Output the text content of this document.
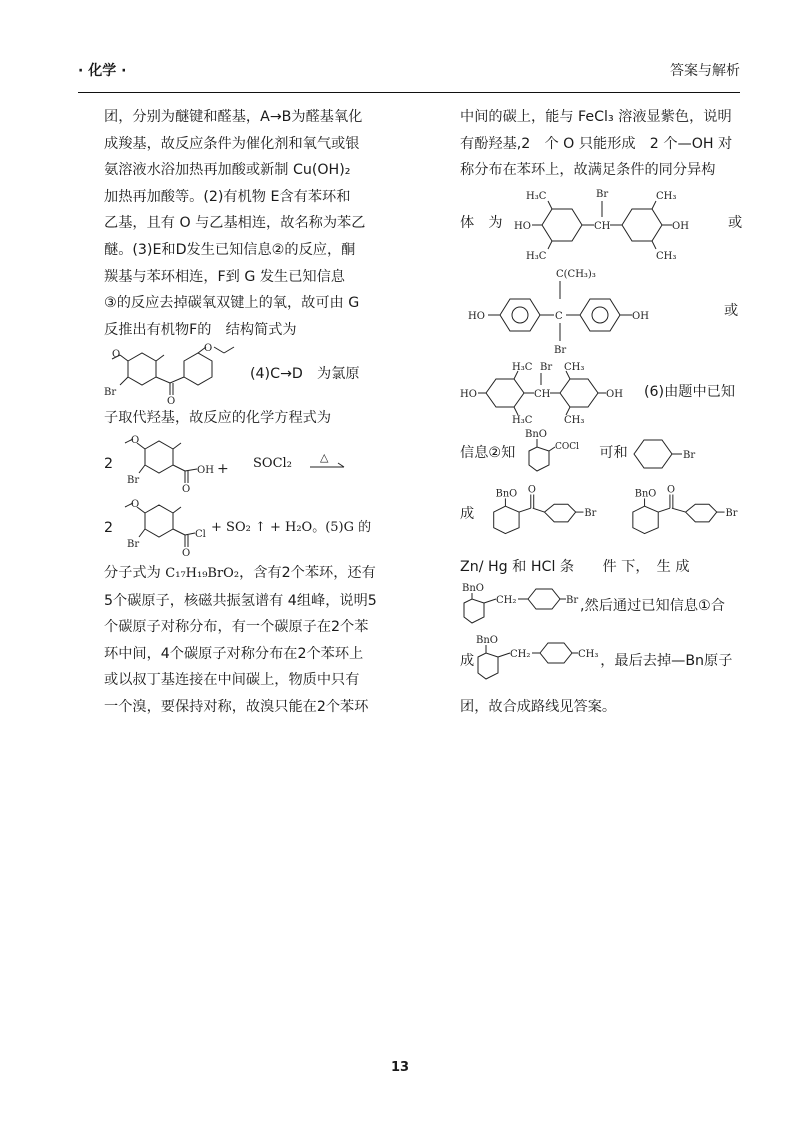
· 化学 ·	答案与解析

团，分别为醚键和醛基，A→B为醛基氧化

成羧基，故反应条件为催化剂和氧气或银

氨溶液水浴加热再加酸或新制 Cu(OH)₂

加热再加酸等。(2)有机物 E含有苯环和

乙基，且有 O 与乙基相连，故名称为苯乙

醚。(3)E和D发生已知信息②的反应，酮

羰基与苯环相连，F到 G 发生已知信息

③的反应去掉碳氧双键上的氧，故可由 G

反推出有机物F的　结构简式为

O
Br
O
O
(4)C→D　为氯原

子取代羟基，故反应的化学方程式为

2
O
Br
O
OH + SOCl₂	△
2
O
Br
O
Cl + SO₂ ↑ + H₂O。(5)G 的

分子式为 C₁₇H₁₉BrO₂，含有2个苯环，还有

5个碳原子，核磁共振氢谱有 4组峰，说明5

个碳原子对称分布，有一个碳原子在2个苯

环中间，4个碳原子对称分布在2个苯环上

或以叔丁基连接在中间碳上，物质中只有

一个溴，要保持对称，故溴只能在2个苯环

中间的碳上，能与 FeCl₃ 溶液显紫色，说明

有酚羟基,2　个 O 只能形成　2 个—OH 对

称分布在苯环上，故满足条件的同分异构

体　为	HO
H₃C
H₃C
CH
Br	CH₃
CH₃
OH	或
C(CH₃)₃
HO	C	OH
Br
或
HO
H₃C
H₃C
CH
Br CH₃
CH₃
OH (6)由题中已知
信息②知
BnO
COCl 可和	Br
成
BnO O
Br
BnO O
Br

Zn/ Hg 和 HCl 条　　件 下，　生 成

BnO
CH₂	Br ,然后通过已知信息①合
成
BnO
CH₂	CH₃ ，最后去掉—Bn原子

团，故合成路线见答案。

13
